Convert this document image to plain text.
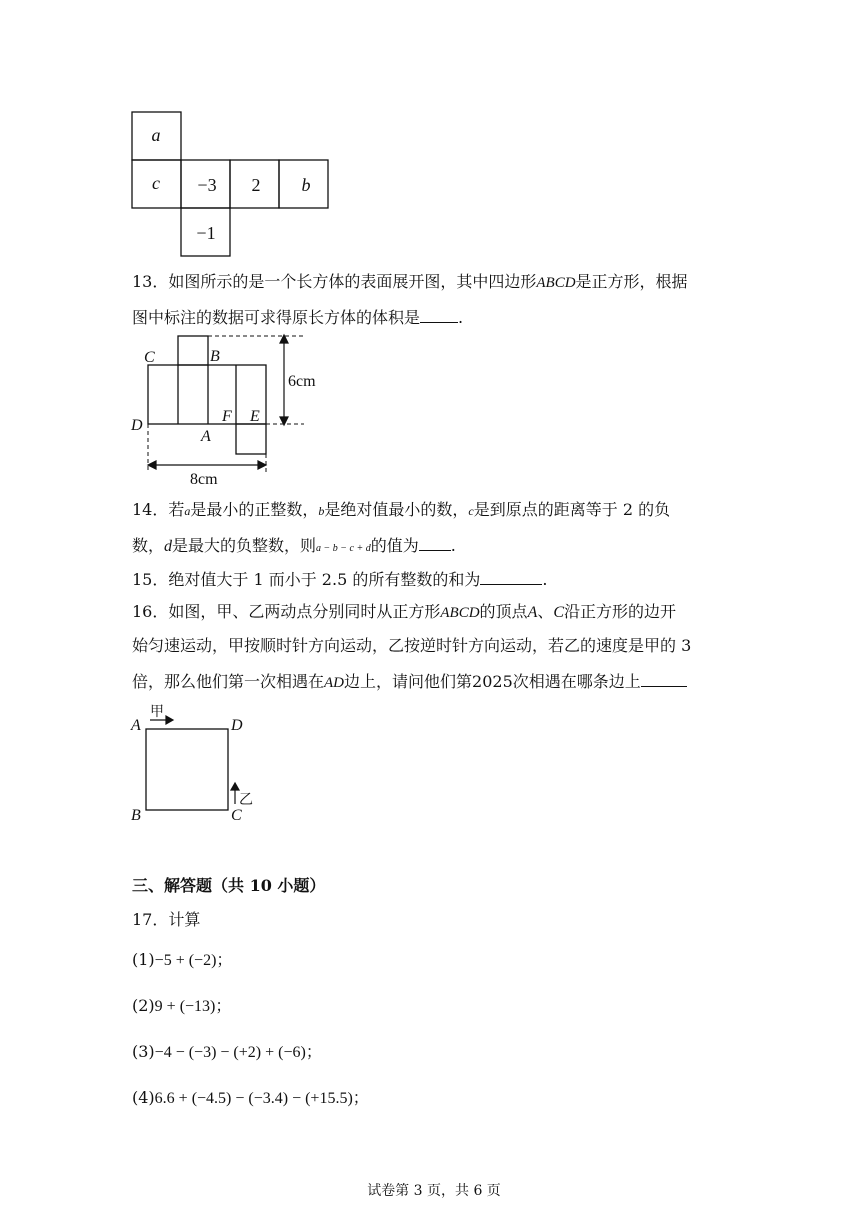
a
c −3 2 b
−1
13．如图所示的是一个长方体的表面展开图，其中四边形ABCD是正方形，根据
图中标注的数据可求得原长方体的体积是 .
C	B
D
A
F E
6cm
8cm
14．若a是最小的正整数，b是绝对值最小的数，c是到原点的距离等于 2 的负
数，d是最大的负整数，则a − b − c + d的值为 .
15．绝对值大于 1 而小于 2.5 的所有整数的和为	.
16．如图，甲、乙两动点分别同时从正方形ABCD的顶点A、C沿正方形的边开
始匀速运动，甲按顺时针方向运动，乙按逆时针方向运动，若乙的速度是甲的 3
倍，那么他们第一次相遇在AD边上，请问他们第2025次相遇在哪条边上
甲
乙
A	D
B	C
三、解答题（共 10 小题）
17．计算
(1)−5 + (−2)；
(2)9 + (−13)；
(3)−4 − (−3) − (+2) + (−6)；
(4)6.6 + (−4.5) − (−3.4) − (+15.5)；
试卷第 3 页，共 6 页
